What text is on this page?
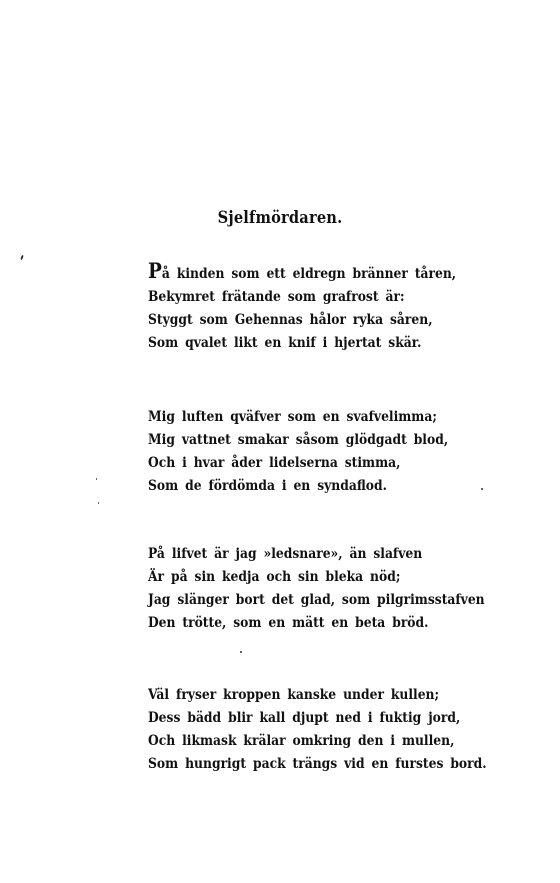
Sjelfmördaren.
På kinden som ett eldregn bränner tåren,
Bekymret frätande som grafrost är:
Styggt som Gehennas hålor ryka såren,
Som qvalet likt en knif i hjertat skär.
Mig luften qväfver som en svafvelimma;
Mig vattnet smakar såsom glödgadt blod,
Och i hvar åder lidelserna stimma,
Som de fördömda i en syndaflod.
På lifvet är jag »ledsnare», än slafven
Är på sin kedja och sin bleka nöd;
Jag slänger bort det glad, som pilgrimsstafven
Den trötte, som en mätt en beta bröd.
Väl fryser kroppen kanske under kullen;
Dess bädd blir kall djupt ned i fuktig jord,
Och likmask krälar omkring den i mullen,
Som hungrigt pack trängs vid en furstes bord.
